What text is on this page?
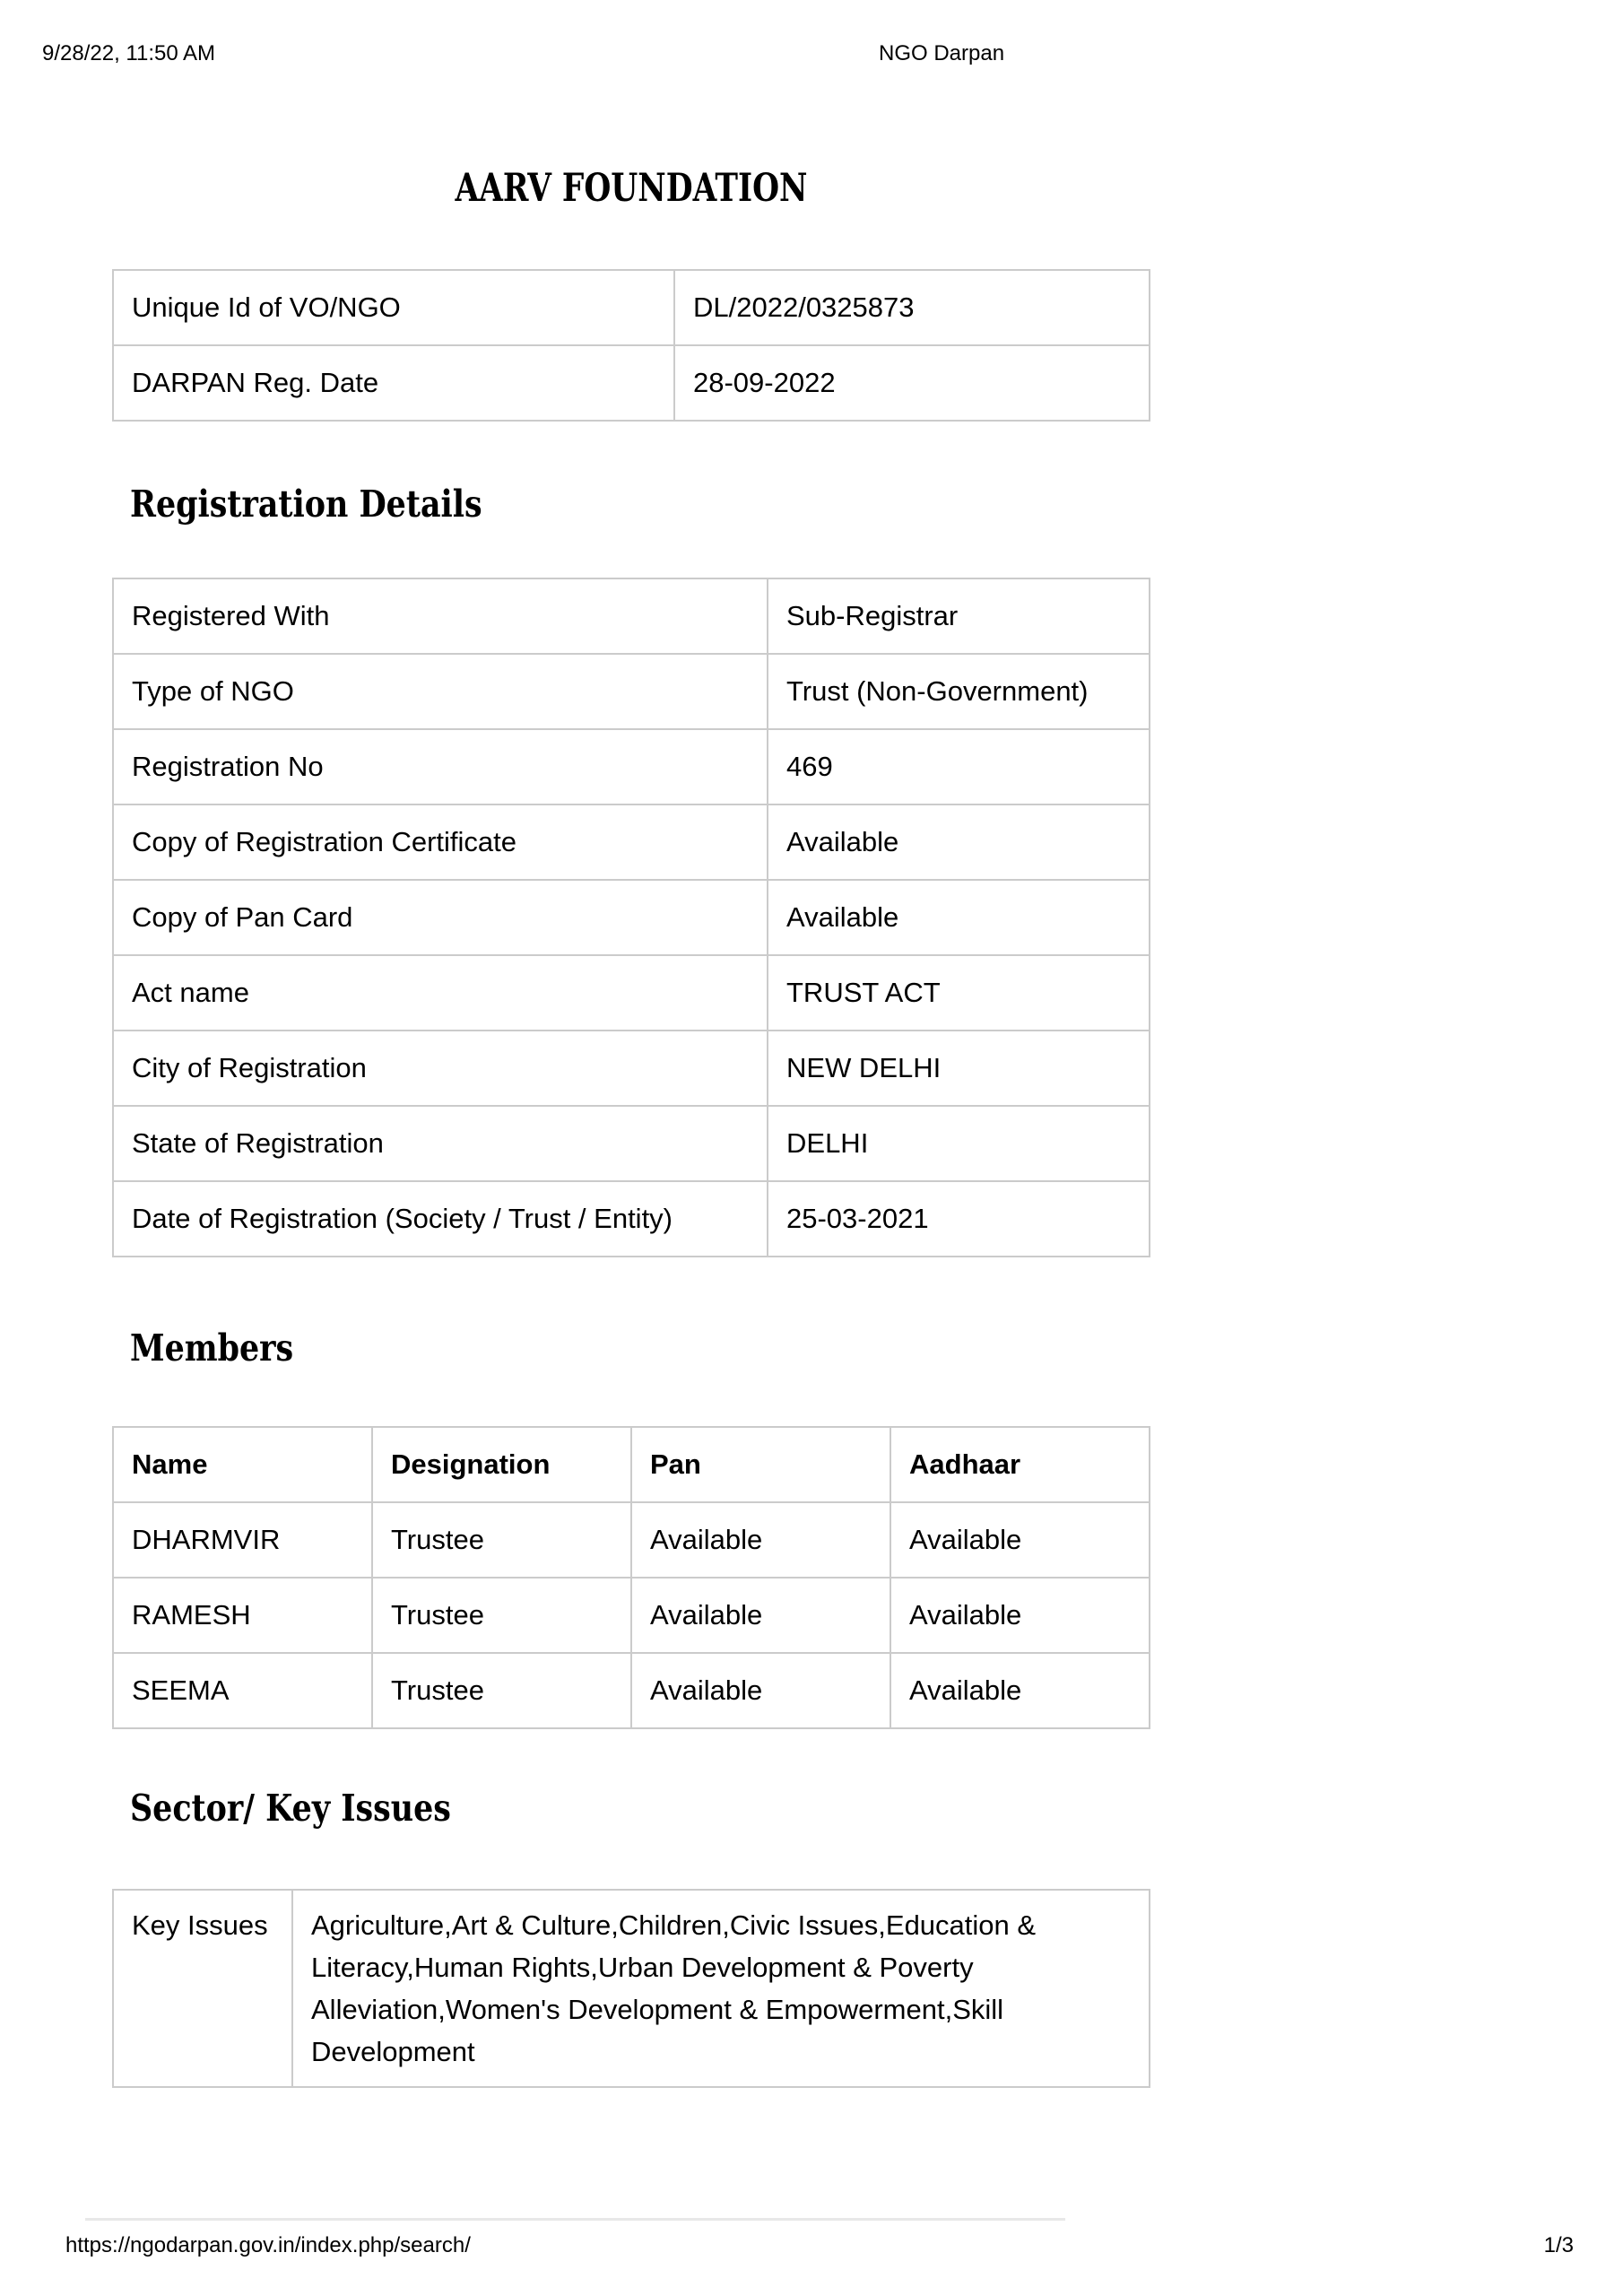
9/28/22, 11:50 AM	NGO Darpan
AARV FOUNDATION
Unique Id of VO/NGO	DL/2022/0325873
DARPAN Reg. Date	28-09-2022
Registration Details
Registered With	Sub-Registrar
Type of NGO	Trust (Non-Government)
Registration No	469
Copy of Registration Certificate	Available
Copy of Pan Card	Available
Act name	TRUST ACT
City of Registration	NEW DELHI
State of Registration	DELHI
Date of Registration (Society / Trust / Entity)	25-03-2021
Members
Name	Designation	Pan	Aadhaar
DHARMVIR	Trustee	Available	Available
RAMESH	Trustee	Available	Available
SEEMA	Trustee	Available	Available
Sector/ Key Issues
Key Issues	Agriculture,Art & Culture,Children,Civic Issues,Education & Literacy,Human Rights,Urban Development & Poverty Alleviation,Women's Development & Empowerment,Skill Development
https://ngodarpan.gov.in/index.php/search/	1/3
